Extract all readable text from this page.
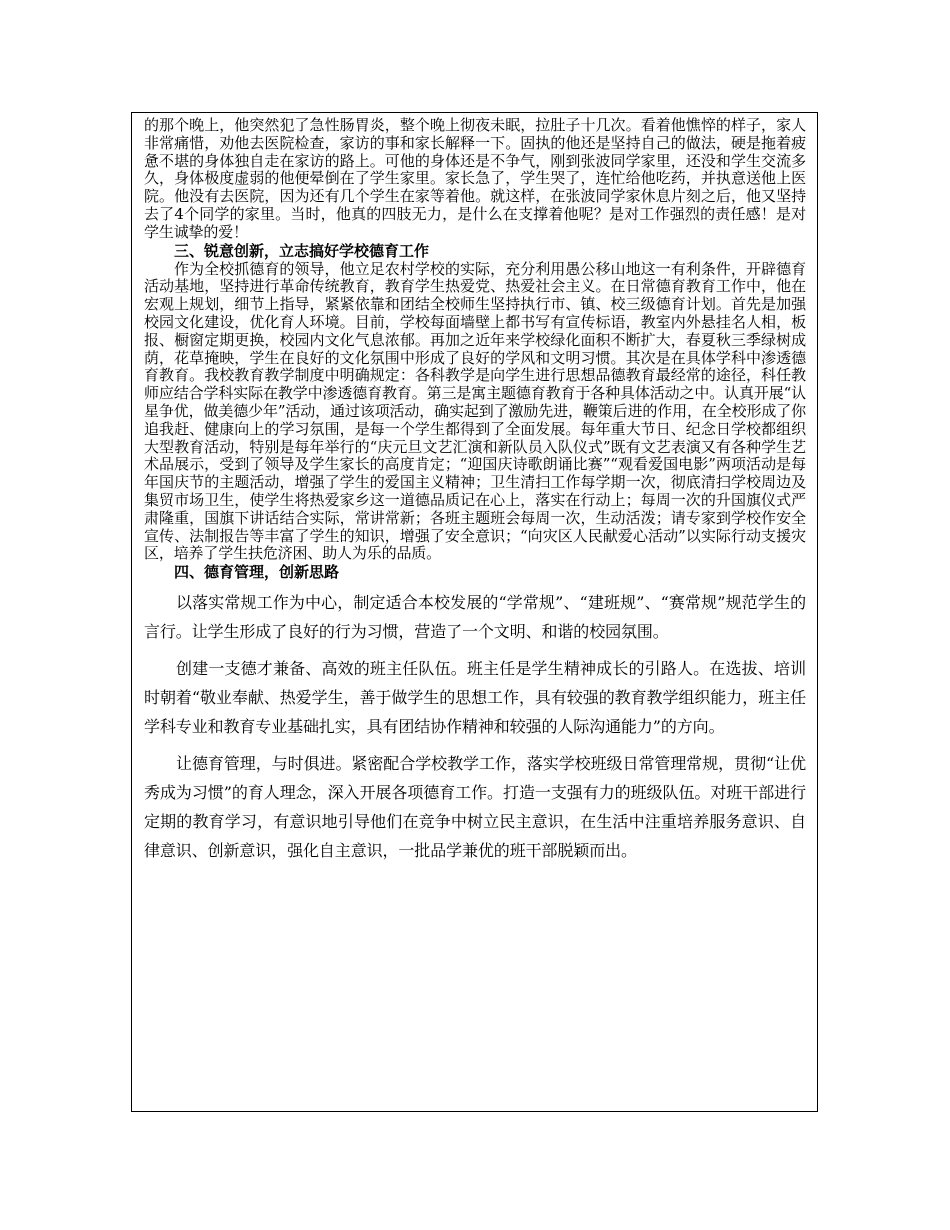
的那个晚上，他突然犯了急性肠胃炎，整个晚上彻夜未眠，拉肚子十几次。看着他憔悴的样子，家人非常痛惜，劝他去医院检查，家访的事和家长解释一下。固执的他还是坚持自己的做法，硬是拖着疲惫不堪的身体独自走在家访的路上。可他的身体还是不争气，刚到张波同学家里，还没和学生交流多久，身体极度虚弱的他便晕倒在了学生家里。家长急了，学生哭了，连忙给他吃药，并执意送他上医院。他没有去医院，因为还有几个学生在家等着他。就这样，在张波同学家休息片刻之后，他又坚持去了4个同学的家里。当时，他真的四肢无力，是什么在支撑着他呢？是对工作强烈的责任感！是对学生诚挚的爱！

三、锐意创新，立志搞好学校德育工作

作为全校抓德育的领导，他立足农村学校的实际，充分利用愚公移山地这一有利条件，开辟德育活动基地，坚持进行革命传统教育，教育学生热爱党、热爱社会主义。在日常德育教育工作中，他在宏观上规划，细节上指导，紧紧依靠和团结全校师生坚持执行市、镇、校三级德育计划。首先是加强校园文化建设，优化育人环境。目前，学校每面墙壁上都书写有宣传标语，教室内外悬挂名人相，板报、橱窗定期更换，校园内文化气息浓郁。再加之近年来学校绿化面积不断扩大，春夏秋三季绿树成荫，花草掩映，学生在良好的文化氛围中形成了良好的学风和文明习惯。其次是在具体学科中渗透德育教育。我校教育教学制度中明确规定：各科教学是向学生进行思想品德教育最经常的途径，科任教师应结合学科实际在教学中渗透德育教育。第三是寓主题德育教育于各种具体活动之中。认真开展“认星争优，做美德少年”活动，通过该项活动，确实起到了激励先进，鞭策后进的作用，在全校形成了你追我赶、健康向上的学习氛围，是每一个学生都得到了全面发展。每年重大节日、纪念日学校都组织大型教育活动，特别是每年举行的“庆元旦文艺汇演和新队员入队仪式”既有文艺表演又有各种学生艺术品展示，受到了领导及学生家长的高度肯定；“迎国庆诗歌朗诵比赛”“观看爱国电影”两项活动是每年国庆节的主题活动，增强了学生的爱国主义精神；卫生清扫工作每学期一次，彻底清扫学校周边及集贸市场卫生，使学生将热爱家乡这一道德品质记在心上，落实在行动上；每周一次的升国旗仪式严肃隆重，国旗下讲话结合实际，常讲常新；各班主题班会每周一次，生动活泼；请专家到学校作安全宣传、法制报告等丰富了学生的知识，增强了安全意识；“向灾区人民献爱心活动”以实际行动支援灾区，培养了学生扶危济困、助人为乐的品质。

四、德育管理，创新思路

以落实常规工作为中心，制定适合本校发展的“学常规”、“建班规”、“赛常规”规范学生的言行。让学生形成了良好的行为习惯，营造了一个文明、和谐的校园氛围。

创建一支德才兼备、高效的班主任队伍。班主任是学生精神成长的引路人。在选拔、培训时朝着“敬业奉献、热爱学生，善于做学生的思想工作，具有较强的教育教学组织能力，班主任学科专业和教育专业基础扎实，具有团结协作精神和较强的人际沟通能力”的方向。

让德育管理，与时俱进。紧密配合学校教学工作，落实学校班级日常管理常规，贯彻“让优秀成为习惯”的育人理念，深入开展各项德育工作。打造一支强有力的班级队伍。对班干部进行定期的教育学习，有意识地引导他们在竞争中树立民主意识，在生活中注重培养服务意识、自律意识、创新意识，强化自主意识，一批品学兼优的班干部脱颖而出。
